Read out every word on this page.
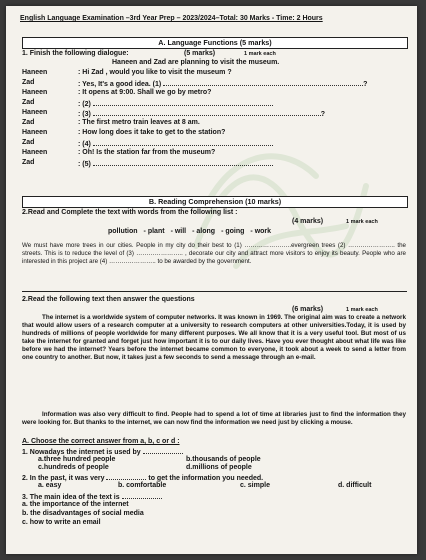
English Language Examination –3rd Year Prep – 2023/2024–Total: 30 Marks - Time: 2 Hours
A. Language Functions (5 marks)
1. Finish the following dialogue:	(5 marks)	1 mark each
Haneen and Zad are planning to visit the museum.
Haneen	: Hi Zad , would you like to visit the museum ?
Zad	: Yes, It's a good idea. (1)	?
Haneen	: It opens at 9:00. Shall we go by metro?
Zad	: (2)
Haneen	: (3)	?
Zad	: The first metro train leaves at 8 am.
Haneen	: How long does it take to get to the station?
Zad	: (4)
Haneen	: Oh! Is the station far from the museum?
Zad	: (5)
B. Reading Comprehension (10 marks)
2.Read and Complete the text with words from the following list :
(4 marks)	1 mark each
pollution - plant - will - along - going - work
We must have more trees in our cities. People in my city do their best to (1) …………………..evergreen trees (2) ………………….. the streets. This is to reduce the level of (3) ………………….. , decorate our city and attract more visitors to enjoy its beauty. People who are interested in this project are (4) ………………….. to be awarded by the government.
2.Read the following text then answer the questions
(6 marks)	1 mark each
The internet is a worldwide system of computer networks. It was known in 1969. The original aim was to create a network that would allow users of a research computer at a university to research computers at other universities.Today, it is used by hundreds of millions of people worldwide for many different purposes. We all know that it is a very useful tool. But most of us take the internet for granted and forget just how important it is to our daily lives. Have you ever thought about what life was like before we had the internet? Years before the internet became common to everyone, it took about a week to send a letter from one country to another. But now, it takes just a few seconds to send a message through an e-mail.
Information was also very difficult to find. People had to spend a lot of time at libraries just to find the information they were looking for. But thanks to the internet, we can now find the information we need just by clicking a mouse.
A. Choose the correct answer from a, b, c or d :
1. Nowadays the internet is used by
a.three hundred people	b.thousands of people
c.hundreds of people	d.millions of people
2. In the past, it was very	to get the information you needed.
a. easy	b. comfortable	c. simple	d. difficult
3. The main idea of the text is
a. the importance of the internet
b. the disadvantages of social media
c. how to write an email
